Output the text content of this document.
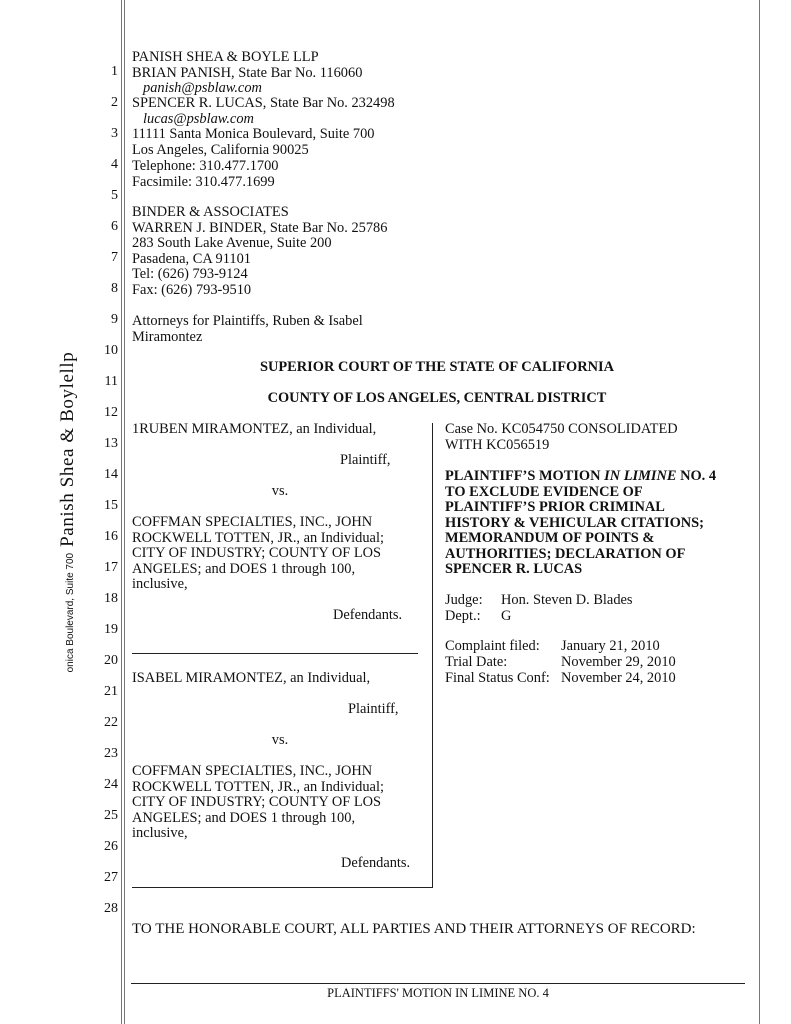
onica Boulevard, Suite 700
Panish Shea & Boylellp
1
2
3
4
5
6
7
8
9
10
11
12
13
14
15
16
17
18
19
20
21
22
23
24
25
26
27
28
PANISH SHEA & BOYLE LLP
BRIAN PANISH, State Bar No. 116060
panish@psblaw.com
SPENCER R. LUCAS, State Bar No. 232498
lucas@psblaw.com
11111 Santa Monica Boulevard, Suite 700
Los Angeles, California 90025
Telephone: 310.477.1700
Facsimile: 310.477.1699
BINDER & ASSOCIATES
WARREN J. BINDER, State Bar No. 25786
283 South Lake Avenue, Suite 200
Pasadena, CA 91101
Tel: (626) 793-9124
Fax: (626) 793-9510
Attorneys for Plaintiffs, Ruben & Isabel
Miramontez
SUPERIOR COURT OF THE STATE OF CALIFORNIA
COUNTY OF LOS ANGELES, CENTRAL DISTRICT
1RUBEN MIRAMONTEZ, an Individual,
Plaintiff,
vs.
COFFMAN SPECIALTIES, INC., JOHN
ROCKWELL TOTTEN, JR., an Individual;
CITY OF INDUSTRY; COUNTY OF LOS
ANGELES; and DOES 1 through 100,
inclusive,
Defendants.
ISABEL MIRAMONTEZ, an Individual,
Plaintiff,
vs.
COFFMAN SPECIALTIES, INC., JOHN
ROCKWELL TOTTEN, JR., an Individual;
CITY OF INDUSTRY; COUNTY OF LOS
ANGELES; and DOES 1 through 100,
inclusive,
Defendants.
Case No. KC054750 CONSOLIDATED
WITH KC056519
PLAINTIFF’S MOTION IN LIMINE NO. 4
TO EXCLUDE EVIDENCE OF
PLAINTIFF’S PRIOR CRIMINAL
HISTORY & VEHICULAR CITATIONS;
MEMORANDUM OF POINTS &
AUTHORITIES; DECLARATION OF
SPENCER R. LUCAS
Judge: Hon. Steven D. Blades
Dept.: G
Complaint filed: January 21, 2010
Trial Date:	November 29, 2010
Final Status Conf: November 24, 2010
TO THE HONORABLE COURT, ALL PARTIES AND THEIR ATTORNEYS OF RECORD:
PLAINTIFFS' MOTION IN LIMINE NO. 4
